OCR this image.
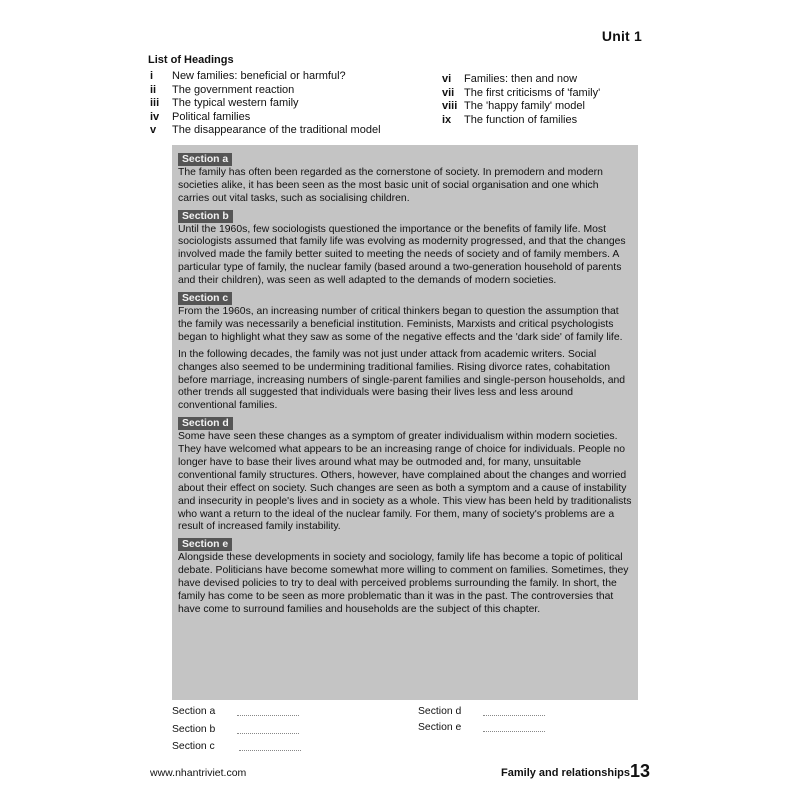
Unit 1
List of Headings
i	New families: beneficial or harmful?
ii	The government reaction
iii	The typical western family
iv	Political families
v	The disappearance of the traditional model
vi	Families: then and now
vii The first criticisms of 'family'
viii The 'happy family' model
ix	The function of families
Section a

The family has often been regarded as the cornerstone of society. In premodern and modern societies alike, it has been seen as the most basic unit of social organisation and one which carries out vital tasks, such as socialising children.

Section b

Until the 1960s, few sociologists questioned the importance or the benefits of family life. Most sociologists assumed that family life was evolving as modernity progressed, and that the changes involved made the family better suited to meeting the needs of society and of family members. A particular type of family, the nuclear family (based around a two-generation household of parents and their children), was seen as well adapted to the demands of modern societies.

Section c

From the 1960s, an increasing number of critical thinkers began to question the assumption that the family was necessarily a beneficial institution. Feminists, Marxists and critical psychologists began to highlight what they saw as some of the negative effects and the 'dark side' of family life.

In the following decades, the family was not just under attack from academic writers. Social changes also seemed to be undermining traditional families. Rising divorce rates, cohabitation before marriage, increasing numbers of single-parent families and single-person households, and other trends all suggested that individuals were basing their lives less and less around conventional families.

Section d

Some have seen these changes as a symptom of greater individualism within modern societies. They have welcomed what appears to be an increasing range of choice for individuals. People no longer have to base their lives around what may be outmoded and, for many, unsuitable conventional family structures. Others, however, have complained about the changes and worried about their effect on society. Such changes are seen as both a symptom and a cause of instability and insecurity in people's lives and in society as a whole. This view has been held by traditionalists who want a return to the ideal of the nuclear family. For them, many of society's problems are a result of increased family instability.

Section e

Alongside these developments in society and sociology, family life has become a topic of political debate. Politicians have become somewhat more willing to comment on families. Sometimes, they have devised policies to try to deal with perceived problems surrounding the family. In short, the family has come to be seen as more problematic than it was in the past. The controversies that have come to surround families and households are the subject of this chapter.

Section a
Section b
Section c
Section d
Section e
www.nhantriviet.com	Family and relationships 13
